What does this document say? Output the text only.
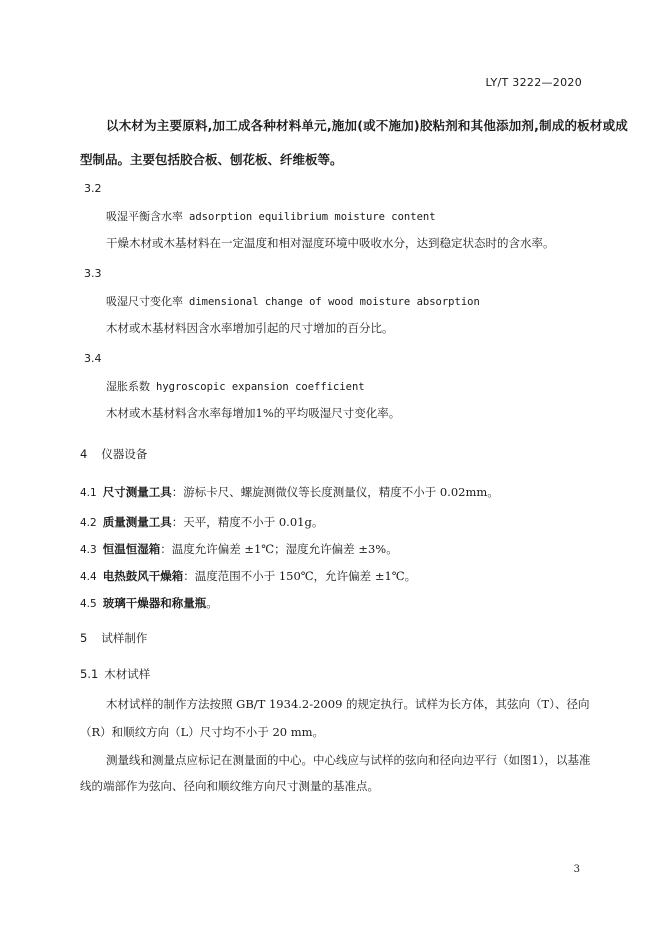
LY/T 3222—2020
以木材为主要原料,加工成各种材料单元,施加(或不施加)胶粘剂和其他添加剂,制成的板材或成
型制品。主要包括胶合板、刨花板、纤维板等。
3.2
吸湿平衡含水率 adsorption equilibrium moisture content
干燥木材或木基材料在一定温度和相对湿度环境中吸收水分，达到稳定状态时的含水率。
3.3
吸湿尺寸变化率 dimensional change of wood moisture absorption
木材或木基材料因含水率增加引起的尺寸增加的百分比。
3.4
湿胀系数 hygroscopic expansion coefficient
木材或木基材料含水率每增加1%的平均吸湿尺寸变化率。
4 仪器设备
4.1 尺寸测量工具：游标卡尺、螺旋测微仪等长度测量仪，精度不小于 0.02mm。
4.2 质量测量工具：天平，精度不小于 0.01g。
4.3 恒温恒湿箱：温度允许偏差 ±1℃；湿度允许偏差 ±3%。
4.4 电热鼓风干燥箱：温度范围不小于 150℃，允许偏差 ±1℃。
4.5 玻璃干燥器和称量瓶。
5 试样制作
5.1 木材试样
木材试样的制作方法按照 GB/T 1934.2-2009 的规定执行。试样为长方体，其弦向（T）、径向
（R）和顺纹方向（L）尺寸均不小于 20 mm。
测量线和测量点应标记在测量面的中心。中心线应与试样的弦向和径向边平行（如图1），以基准
线的端部作为弦向、径向和顺纹维方向尺寸测量的基准点。
3
